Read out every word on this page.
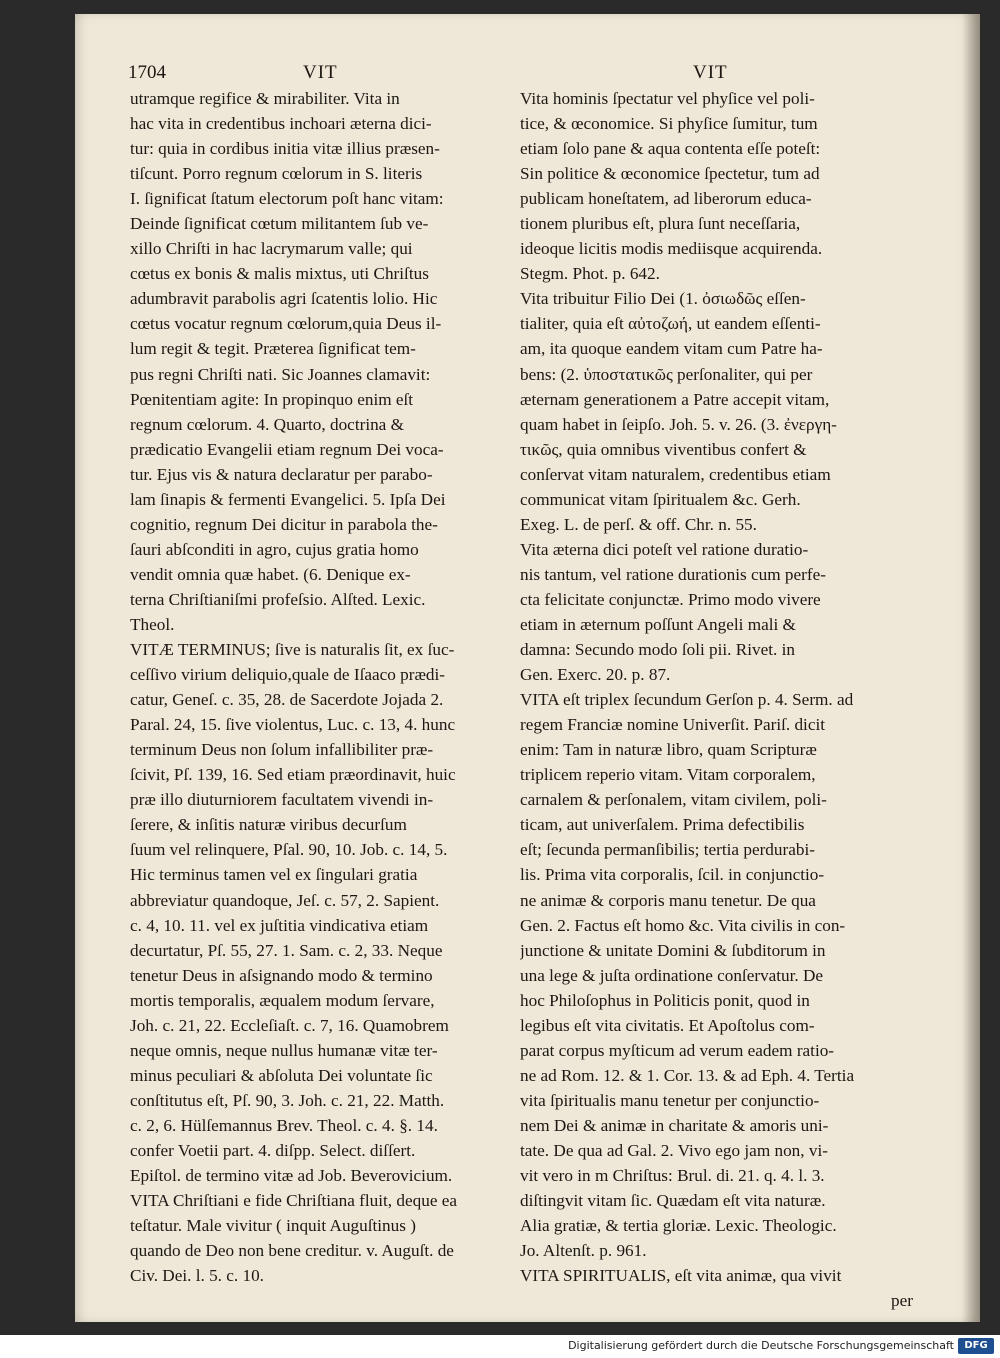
1704	VIT	VIT
utramque regifice & mirabiliter. Vita in
hac vita in credentibus inchoari æterna dici-
tur: quia in cordibus initia vitæ illius præsen-
tiſcunt. Porro regnum cœlorum in S. literis
I. ſignificat ſtatum electorum poſt hanc vitam:
Deinde ſignificat cœtum militantem ſub ve-
xillo Chriſti in hac lacrymarum valle; qui
cœtus ex bonis & malis mixtus, uti Chriſtus
adumbravit parabolis agri ſcatentis lolio. Hic
cœtus vocatur regnum cœlorum,quia Deus il-
lum regit & tegit. Præterea ſignificat tem-
pus regni Chriſti nati. Sic Joannes clamavit:
Pœnitentiam agite: In propinquo enim eſt
regnum cœlorum. 4. Quarto, doctrina &
prædicatio Evangelii etiam regnum Dei voca-
tur. Ejus vis & natura declaratur per parabo-
lam ſinapis & fermenti Evangelici. 5. Ipſa Dei
cognitio, regnum Dei dicitur in parabola the-
ſauri abſconditi in agro, cujus gratia homo
vendit omnia quæ habet. (6. Denique ex-
terna Chriſtianiſmi profeſsio. Alſted. Lexic.
Theol.
VITÆ TERMINUS; ſive is naturalis ſit, ex ſuc-
ceſſivo virium deliquio,quale de Iſaaco prædi-
catur, Geneſ. c. 35, 28. de Sacerdote Jojada 2.
Paral. 24, 15. ſive violentus, Luc. c. 13, 4. hunc
terminum Deus non ſolum infallibiliter præ-
ſcivit, Pſ. 139, 16. Sed etiam præordinavit, huic
præ illo diuturniorem facultatem vivendi in-
ſerere, & inſitis naturæ viribus decurſum
ſuum vel relinquere, Pſal. 90, 10. Job. c. 14, 5.
Hic terminus tamen vel ex ſingulari gratia
abbreviatur quandoque, Jeſ. c. 57, 2. Sapient.
c. 4, 10. 11. vel ex juſtitia vindicativa etiam
decurtatur, Pſ. 55, 27. 1. Sam. c. 2, 33. Neque
tenetur Deus in aſsignando modo & termino
mortis temporalis, æqualem modum ſervare,
Joh. c. 21, 22. Eccleſiaſt. c. 7, 16. Quamobrem
neque omnis, neque nullus humanæ vitæ ter-
minus peculiari & abſoluta Dei voluntate ſic
conſtitutus eſt, Pſ. 90, 3. Joh. c. 21, 22. Matth.
c. 2, 6. Hülſemannus Brev. Theol. c. 4. §. 14.
confer Voetii part. 4. diſpp. Select. diſſert.
Epiſtol. de termino vitæ ad Job. Beverovicium.
VITA Chriſtiani e fide Chriſtiana fluit, deque ea
teſtatur. Male vivitur ( inquit Auguſtinus )
quando de Deo non bene creditur. v. Auguſt. de
Civ. Dei. l. 5. c. 10.
Vita hominis ſpectatur vel phyſice vel poli-
tice, & œconomice. Si phyſice ſumitur, tum
etiam ſolo pane & aqua contenta eſſe poteſt:
Sin politice & œconomice ſpectetur, tum ad
publicam honeſtatem, ad liberorum educa-
tionem pluribus eſt, plura ſunt neceſſaria,
ideoque licitis modis mediisque acquirenda.
Stegm. Phot. p. 642.
Vita tribuitur Filio Dei (1. ὀσιωδῶς eſſen-
tialiter, quia eſt αὐτοζωή, ut eandem eſſenti-
am, ita quoque eandem vitam cum Patre ha-
bens: (2. ὑποστατικῶς perſonaliter, qui per
æternam generationem a Patre accepit vitam,
quam habet in ſeipſo. Joh. 5. v. 26. (3. ἐνεργη-
τικῶς, quia omnibus viventibus confert &
conſervat vitam naturalem, credentibus etiam
communicat vitam ſpiritualem &c. Gerh.
Exeg. L. de perſ. & off. Chr. n. 55.
Vita æterna dici poteſt vel ratione duratio-
nis tantum, vel ratione durationis cum perfe-
cta felicitate conjunctæ. Primo modo vivere
etiam in æternum poſſunt Angeli mali &
damna: Secundo modo ſoli pii. Rivet. in
Gen. Exerc. 20. p. 87.
VITA eſt triplex ſecundum Gerſon p. 4. Serm. ad
regem Franciæ nomine Univerſit. Pariſ. dicit
enim: Tam in naturæ libro, quam Scripturæ
triplicem reperio vitam. Vitam corporalem,
carnalem & perſonalem, vitam civilem, poli-
ticam, aut univerſalem. Prima defectibilis
eſt; ſecunda permanſibilis; tertia perdurabi-
lis. Prima vita corporalis, ſcil. in conjunctio-
ne animæ & corporis manu tenetur. De qua
Gen. 2. Factus eſt homo &c. Vita civilis in con-
junctione & unitate Domini & ſubditorum in
una lege & juſta ordinatione conſervatur. De
hoc Philoſophus in Politicis ponit, quod in
legibus eſt vita civitatis. Et Apoſtolus com-
parat corpus myſticum ad verum eadem ratio-
ne ad Rom. 12. & 1. Cor. 13. & ad Eph. 4. Tertia
vita ſpiritualis manu tenetur per conjunctio-
nem Dei & animæ in charitate & amoris uni-
tate. De qua ad Gal. 2. Vivo ego jam non, vi-
vit vero in m Chriſtus: Brul. di. 21. q. 4. l. 3.
diſtingvit vitam ſic. Quædam eſt vita naturæ.
Alia gratiæ, & tertia gloriæ. Lexic. Theologic.
Jo. Altenſt. p. 961.
VITA SPIRITUALIS, eſt vita animæ, qua vivit
per
Digitalisierung gefördert durch die Deutsche Forschungsgemeinschaft	DFG
